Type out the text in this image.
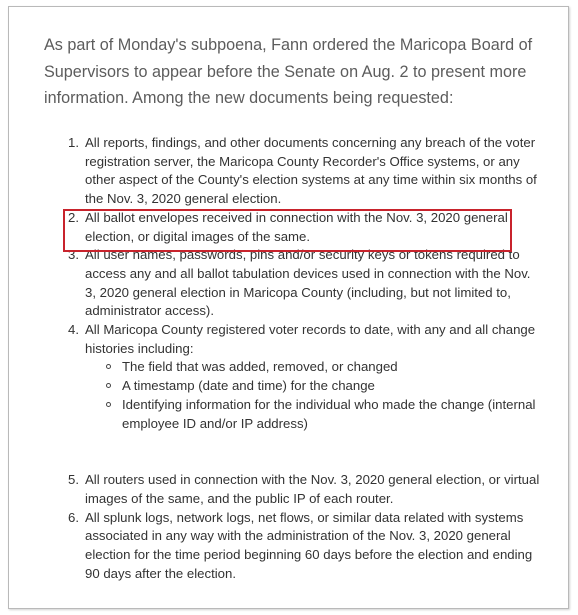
As part of Monday's subpoena, Fann ordered the Maricopa Board of Supervisors to appear before the Senate on Aug. 2 to present more information. Among the new documents being requested:

1. All reports, findings, and other documents concerning any breach of the voter registration server, the Maricopa County Recorder's Office systems, or any other aspect of the County's election systems at any time within six months of the Nov. 3, 2020 general election.
2. All ballot envelopes received in connection with the Nov. 3, 2020 general election, or digital images of the same.
3. All user names, passwords, pins and/or security keys or tokens required to access any and all ballot tabulation devices used in connection with the Nov. 3, 2020 general election in Maricopa County (including, but not limited to, administrator access).
4. All Maricopa County registered voter records to date, with any and all change histories including:
The field that was added, removed, or changed
A timestamp (date and time) for the change
Identifying information for the individual who made the change (internal employee ID and/or IP address)
5. All routers used in connection with the Nov. 3, 2020 general election, or virtual images of the same, and the public IP of each router.
6. All splunk logs, network logs, net flows, or similar data related with systems associated in any way with the administration of the Nov. 3, 2020 general election for the time period beginning 60 days before the election and ending 90 days after the election.
